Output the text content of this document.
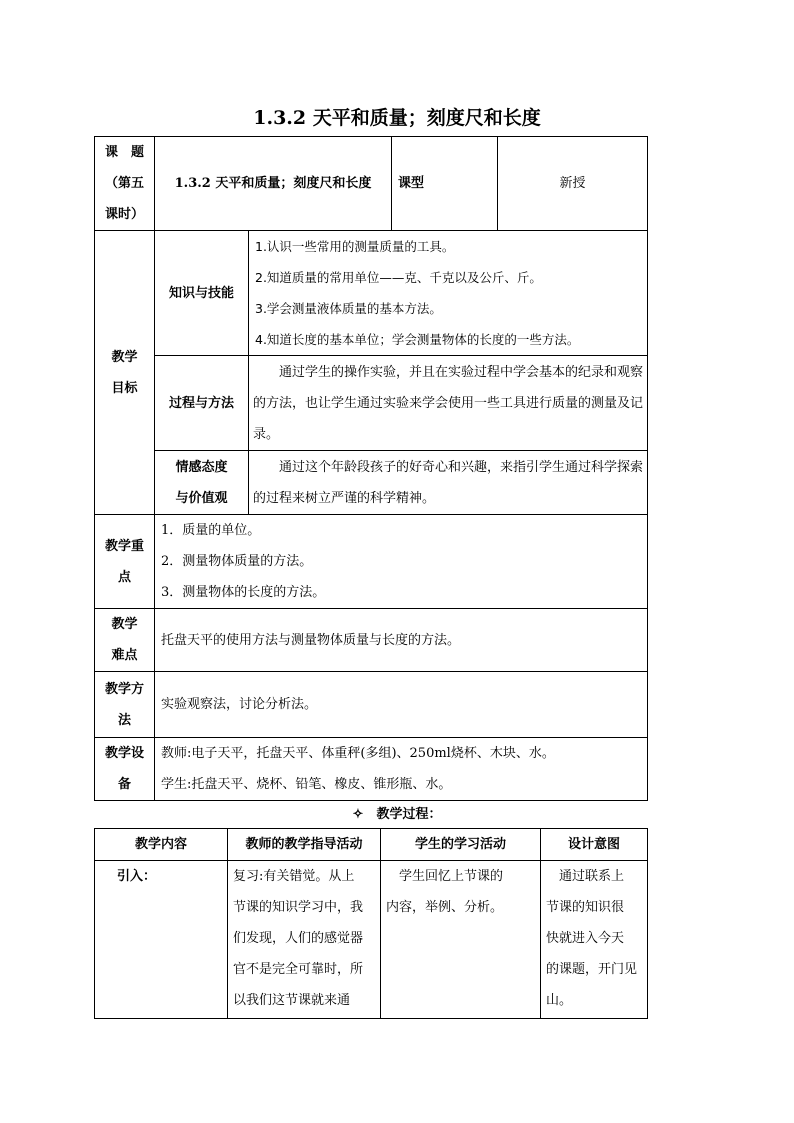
1.3.2 天平和质量；刻度尺和长度
课　题
（第五
课时）	1.3.2 天平和质量；刻度尺和长度		课型	新授

教学
目标	知识与技能	1.认识一些常用的测量质量的工具。
2.知道质量的常用单位——克、千克以及公斤、斤。
3.学会测量液体质量的基本方法。
4.知道长度的基本单位；学会测量物体的长度的一些方法。		

	过程与方法	通过学生的操作实验，并且在实验过程中学会基本的纪录和观察的方法，也让学生通过实验来学会使用一些工具进行质量的测量及记录。		

	情感态度
与价值观	通过这个年龄段孩子的好奇心和兴趣，来指引学生通过科学探索的过程来树立严谨的科学精神。		

教学重
点	1．质量的单位。
2．测量物体质量的方法。
3．测量物体的长度的方法。			

教学
难点	托盘天平的使用方法与测量物体质量与长度的方法。			

教学方
法	实验观察法，讨论分析法。			

教学设
备	教师:电子天平，托盘天平、体重秤(多组)、250ml烧杯、木块、水。
学生:托盘天平、烧杯、铅笔、橡皮、锥形瓶、水。			
✧　教学过程：
教学内容	教师的教学指导活动	学生的学习活动	设计意图
引入：	复习:有关错觉。从上
节课的知识学习中，我
们发现，人们的感觉器
官不是完全可靠时，所
以我们这节课就来通	　学生回忆上节课的
内容，举例、分析。	　通过联系上
节课的知识很
快就进入今天
的课题，开门见
山。
